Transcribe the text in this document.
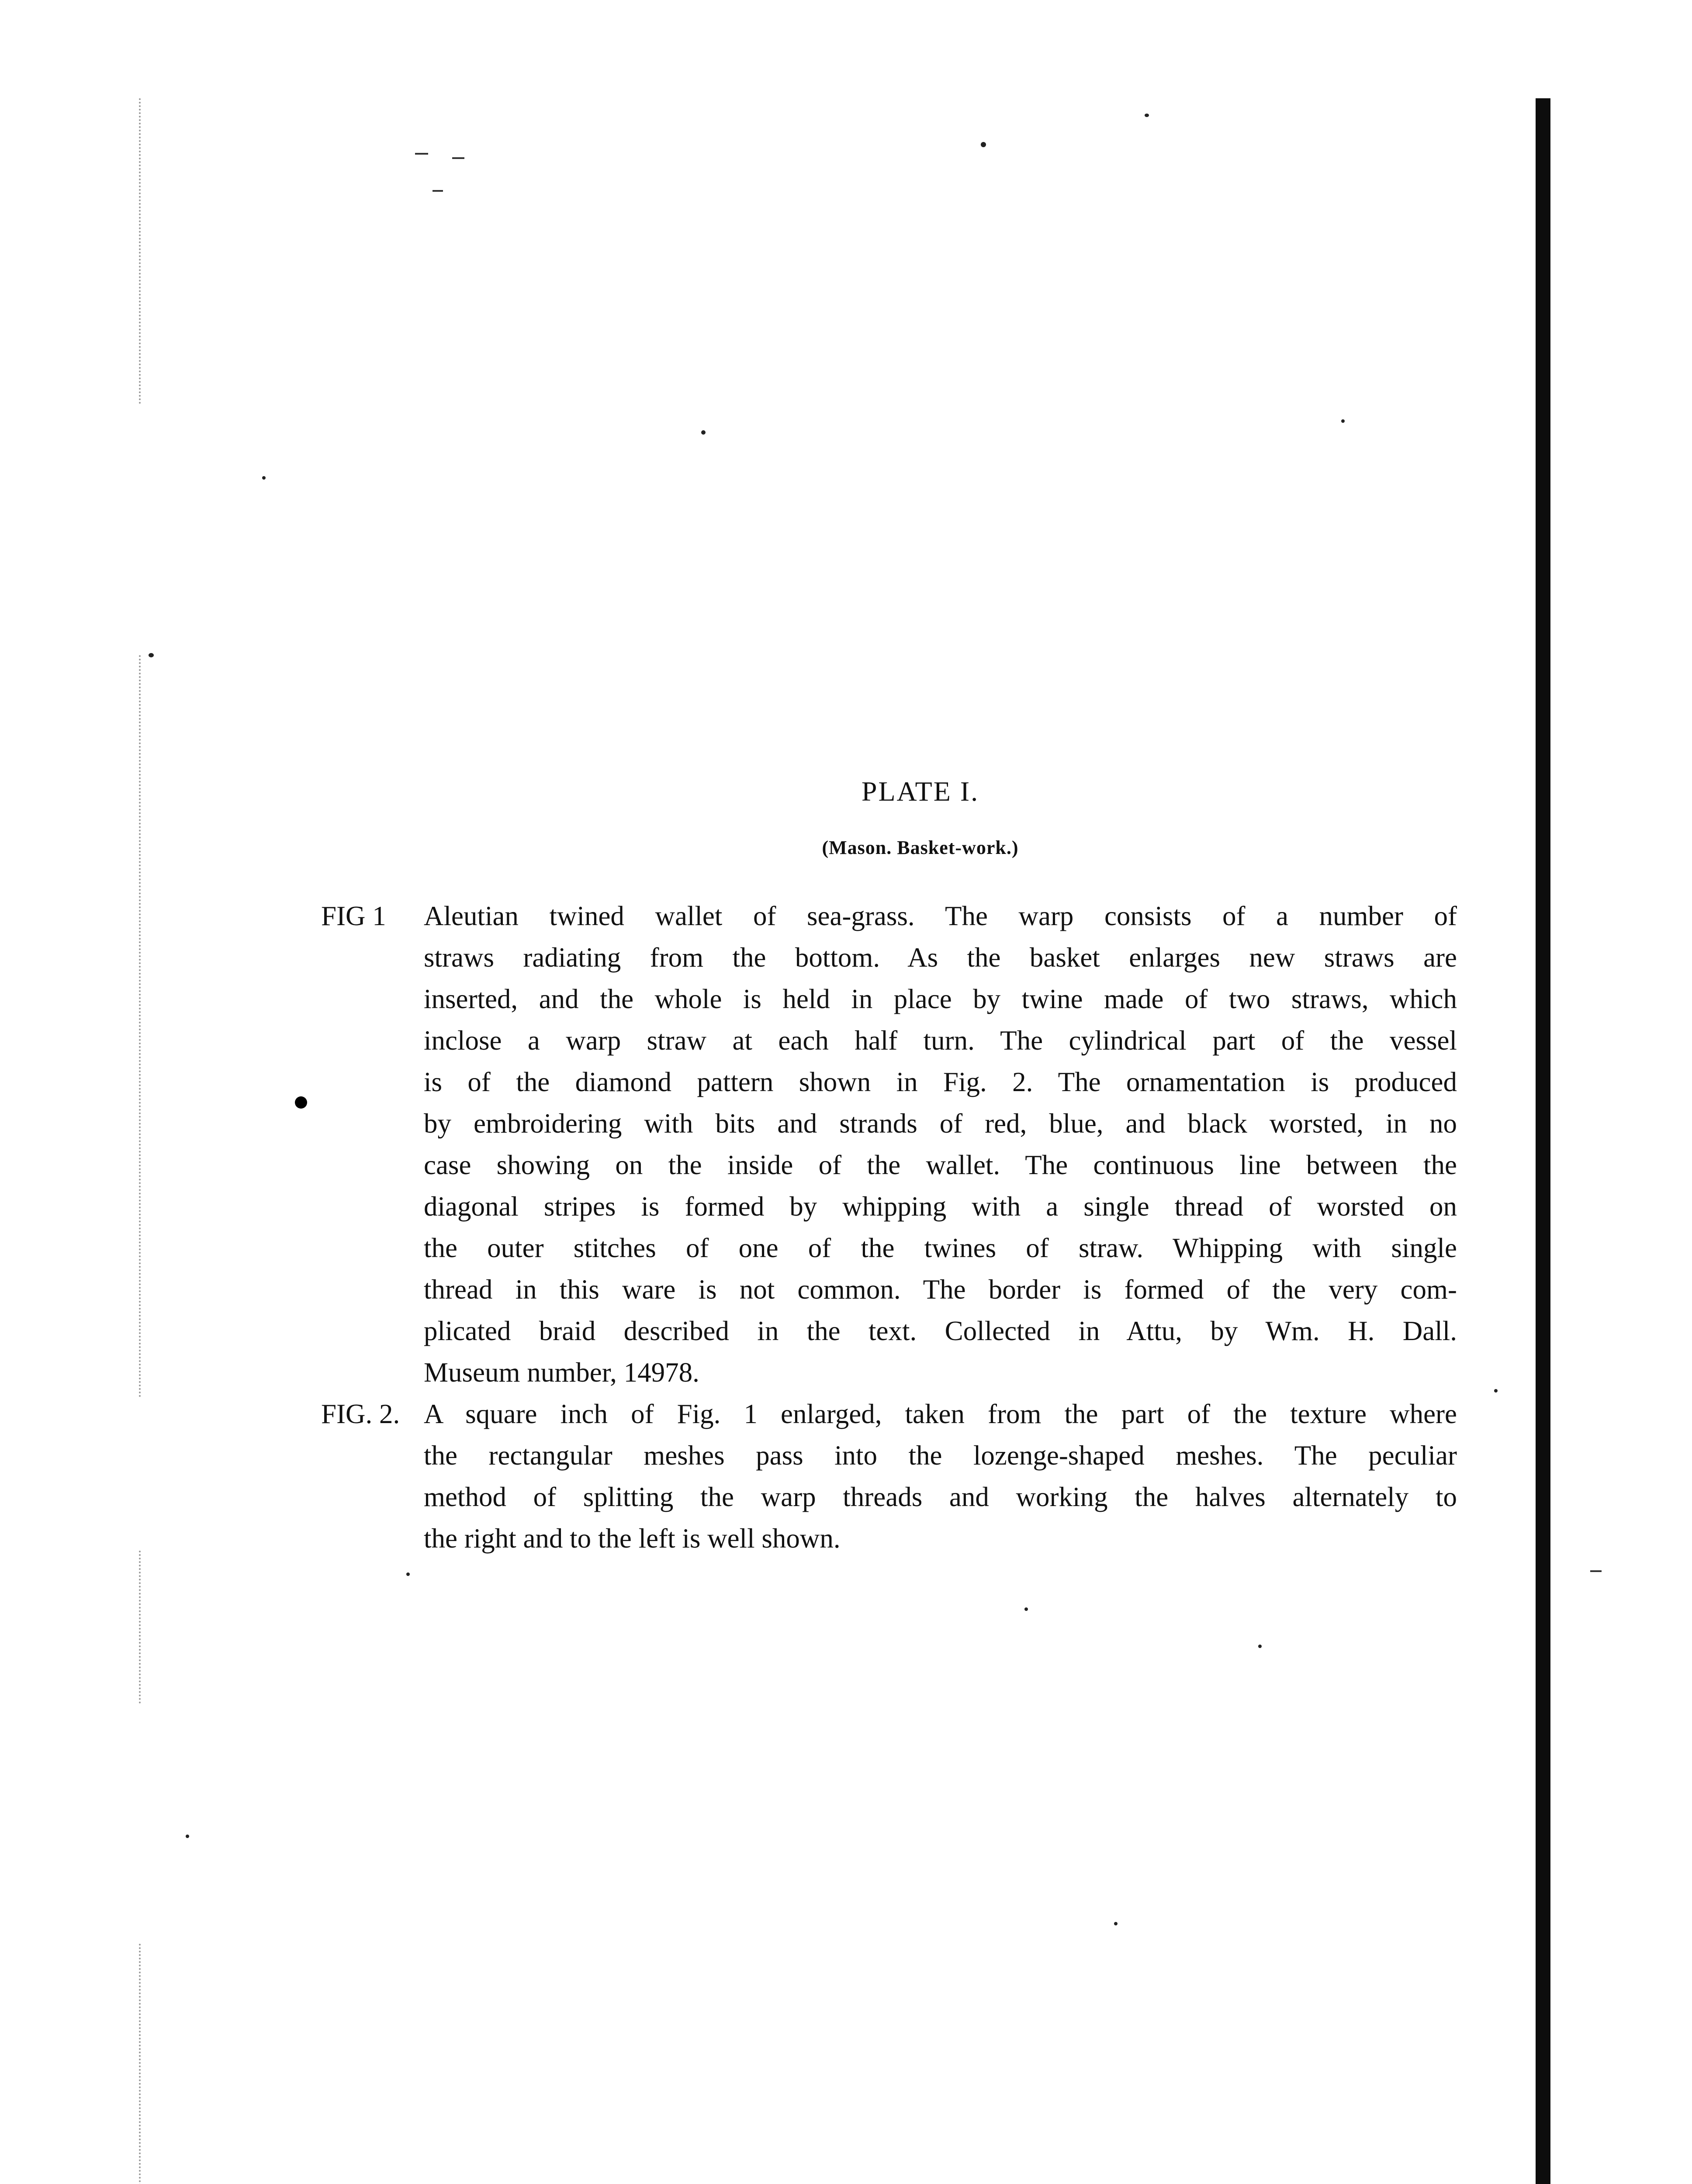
PLATE I.
(Mason. Basket-work.)
FIG 1	Aleutian twined wallet of sea-grass. The warp consists of a number of
straws radiating from the bottom. As the basket enlarges new straws are
inserted, and the whole is held in place by twine made of two straws, which
inclose a warp straw at each half turn. The cylindrical part of the vessel
is of the diamond pattern shown in Fig. 2. The ornamentation is produced
by embroidering with bits and strands of red, blue, and black worsted, in no
case showing on the inside of the wallet. The continuous line between the
diagonal stripes is formed by whipping with a single thread of worsted on
the outer stitches of one of the twines of straw. Whipping with single
thread in this ware is not common. The border is formed of the very com-
plicated braid described in the text. Collected in Attu, by Wm. H. Dall.
Museum number, 14978.
FIG. 2. A square inch of Fig. 1 enlarged, taken from the part of the texture where
the rectangular meshes pass into the lozenge-shaped meshes. The peculiar
method of splitting the warp threads and working the halves alternately to
the right and to the left is well shown.
